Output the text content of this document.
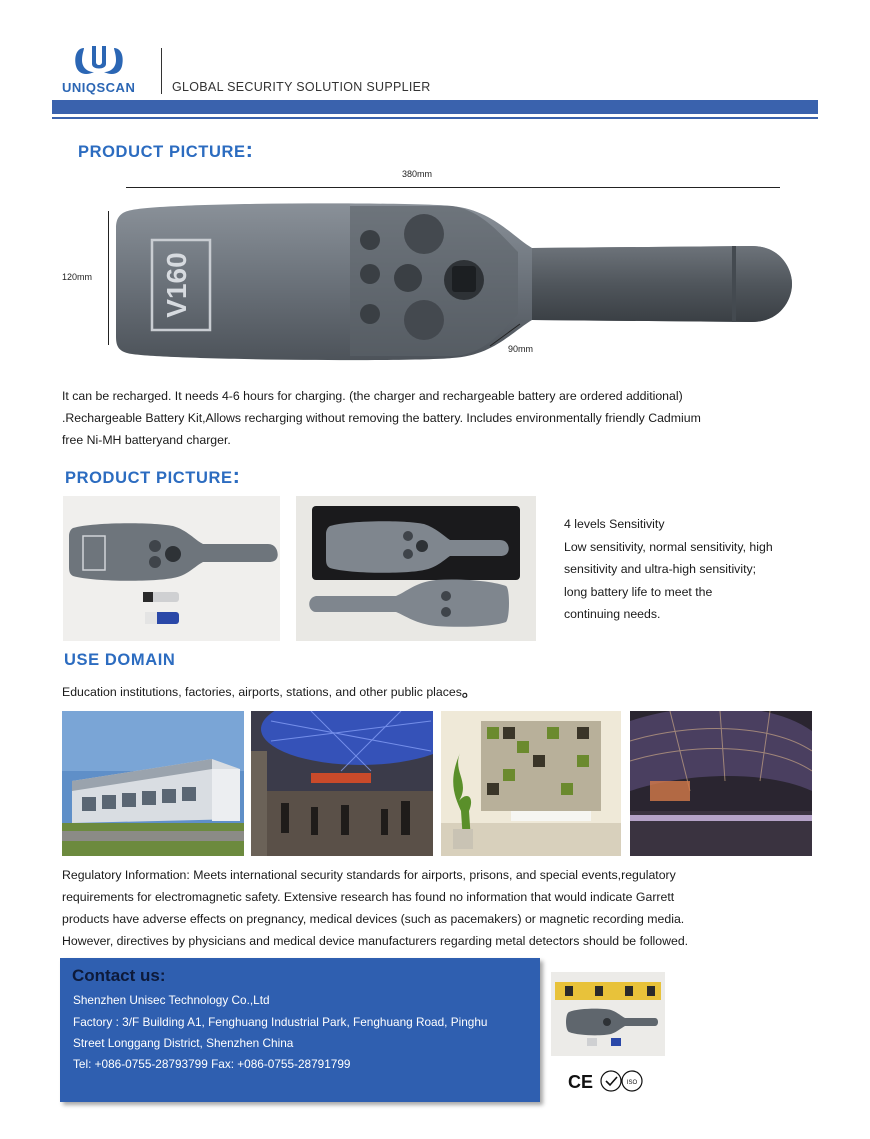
UNIQSCAN	GLOBAL SECURITY SOLUTION SUPPLIER
PRODUCT PICTURE:
380mm
120mm
90mm
V160
It can be recharged. It needs 4-6 hours for charging. (the charger and rechargeable battery are ordered additional)
.Rechargeable Battery Kit,Allows recharging without removing the battery. Includes environmentally friendly Cadmium
free Ni-MH batteryand charger.
PRODUCT PICTURE:
4 levels Sensitivity
Low sensitivity, normal sensitivity, high
sensitivity and ultra-high sensitivity;
long battery life to meet the
continuing needs.
USE DOMAIN
Education institutions, factories, airports, stations, and other public places。
Regulatory Information: Meets international security standards for airports, prisons, and special events,regulatory
requirements for electromagnetic safety. Extensive research has found no information that would indicate Garrett
products have adverse effects on pregnancy, medical devices (such as pacemakers) or magnetic recording media.
However, directives by physicians and medical device manufacturers regarding metal detectors should be followed.
Contact us:
Shenzhen Unisec Technology Co.,Ltd
Factory : 3/F Building A1, Fenghuang Industrial Park, Fenghuang Road, Pinghu
Street Longgang District, Shenzhen China
Tel: +086-0755-28793799 Fax: +086-0755-28791799
CE	ISO
